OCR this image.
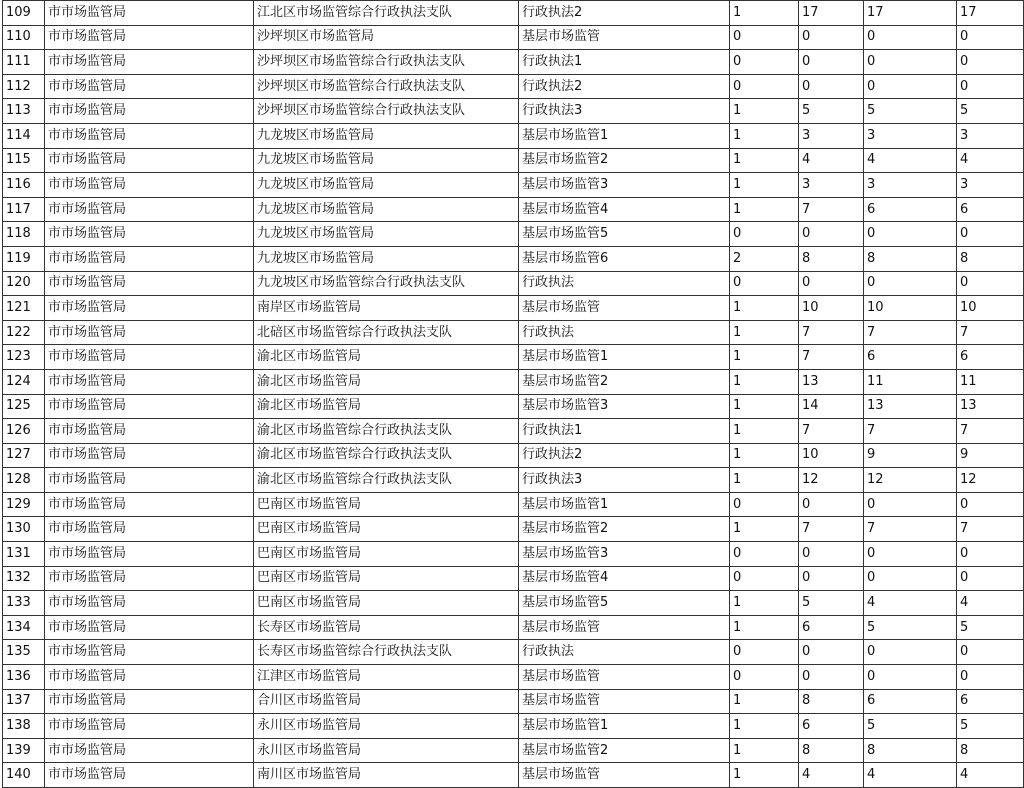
109	市市场监管局	江北区市场监管综合行政执法支队	行政执法2	1	17	17	17
110	市市场监管局	沙坪坝区市场监管局	基层市场监管	0	0	0	0
111	市市场监管局	沙坪坝区市场监管综合行政执法支队	行政执法1	0	0	0	0
112	市市场监管局	沙坪坝区市场监管综合行政执法支队	行政执法2	0	0	0	0
113	市市场监管局	沙坪坝区市场监管综合行政执法支队	行政执法3	1	5	5	5
114	市市场监管局	九龙坡区市场监管局	基层市场监管1	1	3	3	3
115	市市场监管局	九龙坡区市场监管局	基层市场监管2	1	4	4	4
116	市市场监管局	九龙坡区市场监管局	基层市场监管3	1	3	3	3
117	市市场监管局	九龙坡区市场监管局	基层市场监管4	1	7	6	6
118	市市场监管局	九龙坡区市场监管局	基层市场监管5	0	0	0	0
119	市市场监管局	九龙坡区市场监管局	基层市场监管6	2	8	8	8
120	市市场监管局	九龙坡区市场监管综合行政执法支队	行政执法	0	0	0	0
121	市市场监管局	南岸区市场监管局	基层市场监管	1	10	10	10
122	市市场监管局	北碚区市场监管综合行政执法支队	行政执法	1	7	7	7
123	市市场监管局	渝北区市场监管局	基层市场监管1	1	7	6	6
124	市市场监管局	渝北区市场监管局	基层市场监管2	1	13	11	11
125	市市场监管局	渝北区市场监管局	基层市场监管3	1	14	13	13
126	市市场监管局	渝北区市场监管综合行政执法支队	行政执法1	1	7	7	7
127	市市场监管局	渝北区市场监管综合行政执法支队	行政执法2	1	10	9	9
128	市市场监管局	渝北区市场监管综合行政执法支队	行政执法3	1	12	12	12
129	市市场监管局	巴南区市场监管局	基层市场监管1	0	0	0	0
130	市市场监管局	巴南区市场监管局	基层市场监管2	1	7	7	7
131	市市场监管局	巴南区市场监管局	基层市场监管3	0	0	0	0
132	市市场监管局	巴南区市场监管局	基层市场监管4	0	0	0	0
133	市市场监管局	巴南区市场监管局	基层市场监管5	1	5	4	4
134	市市场监管局	长寿区市场监管局	基层市场监管	1	6	5	5
135	市市场监管局	长寿区市场监管综合行政执法支队	行政执法	0	0	0	0
136	市市场监管局	江津区市场监管局	基层市场监管	0	0	0	0
137	市市场监管局	合川区市场监管局	基层市场监管	1	8	6	6
138	市市场监管局	永川区市场监管局	基层市场监管1	1	6	5	5
139	市市场监管局	永川区市场监管局	基层市场监管2	1	8	8	8
140	市市场监管局	南川区市场监管局	基层市场监管	1	4	4	4
